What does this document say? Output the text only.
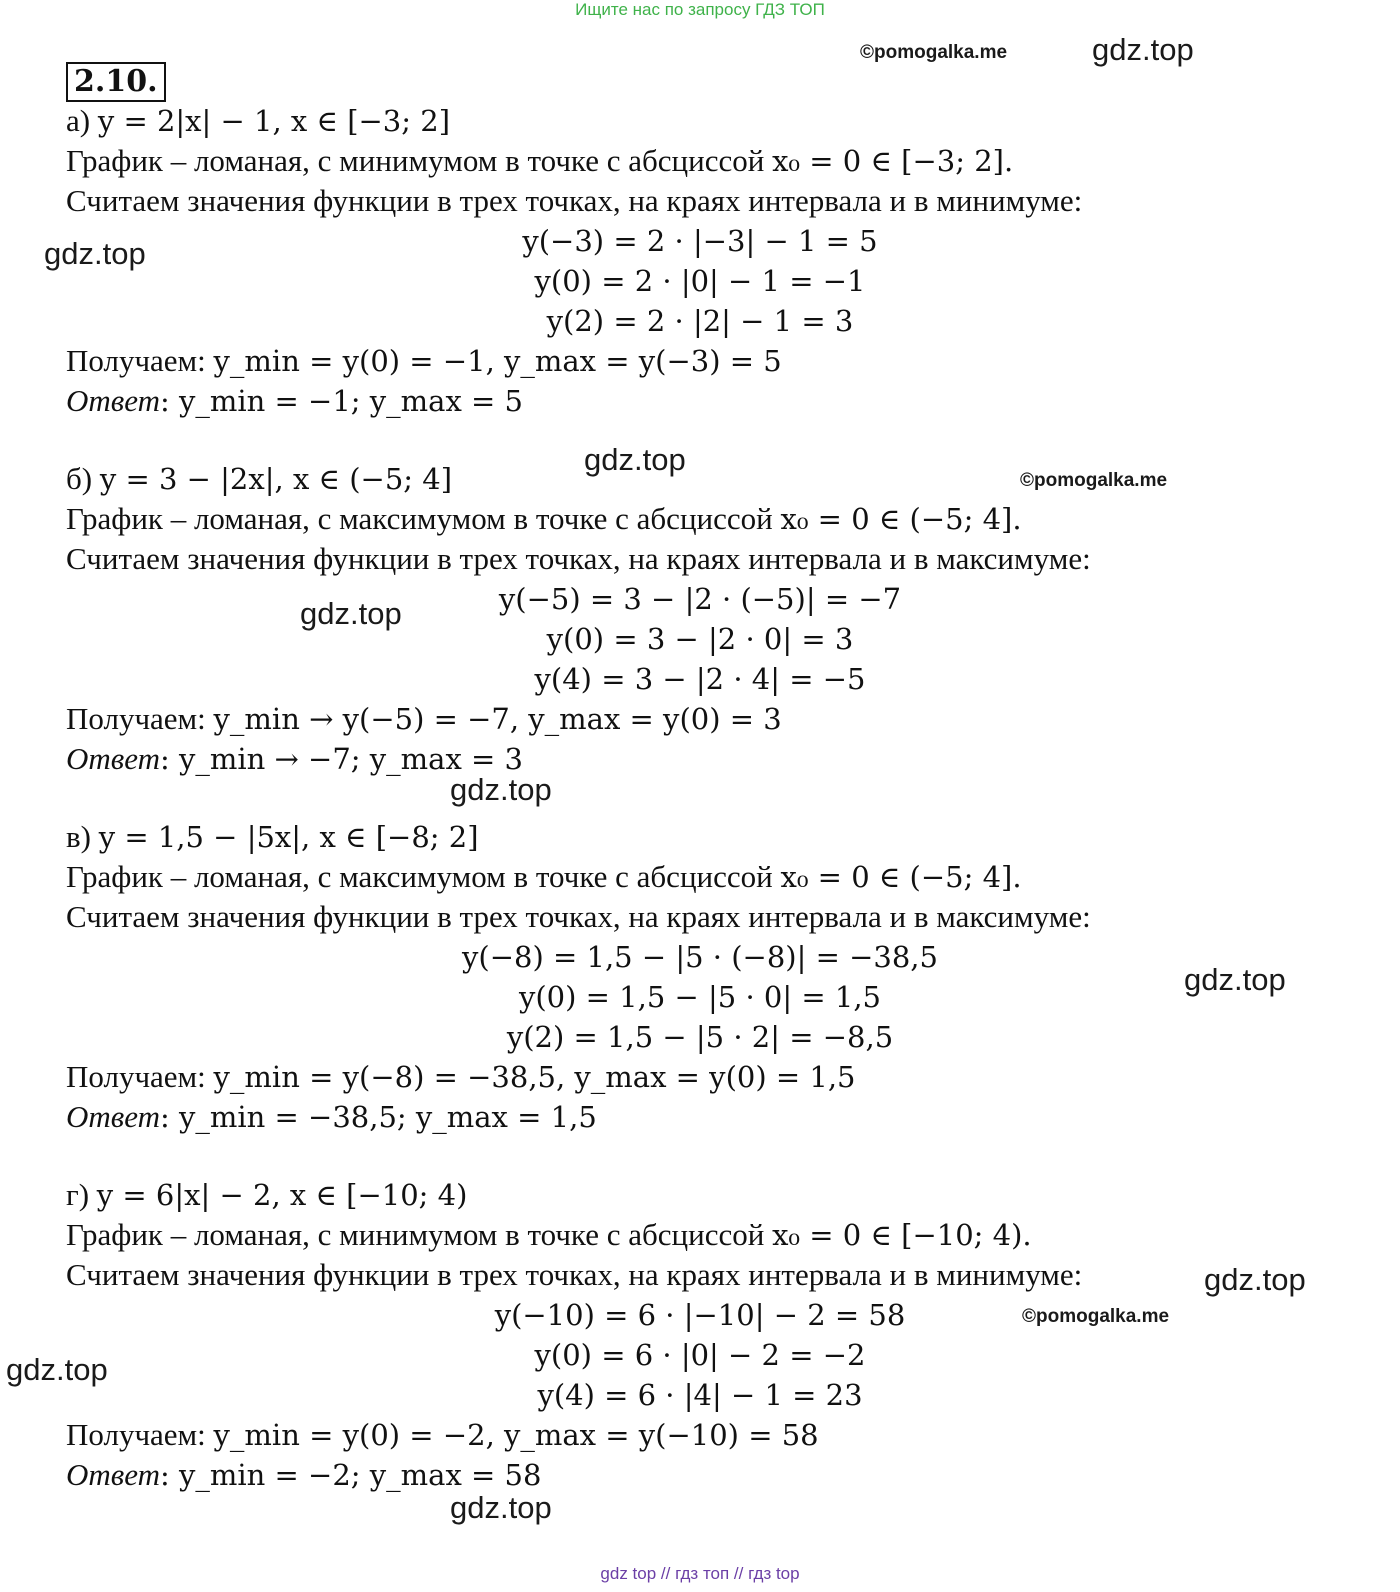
Ищите нас по запросу ГДЗ ТОП
©pomogalka.me	gdz.top
gdz.top
gdz.top
©pomogalka.me
gdz.top
gdz.top
gdz.top
gdz.top
©pomogalka.me
gdz.top
gdz.top
2.10.
а) y = 2|x| − 1, x ∈ [−3; 2]
График – ломаная, с минимумом в точке с абсциссой x₀ = 0 ∈ [−3; 2].
Считаем значения функции в трех точках, на краях интервала и в минимуме:
y(−3) = 2 · |−3| − 1 = 5
y(0) = 2 · |0| − 1 = −1
y(2) = 2 · |2| − 1 = 3
Получаем: y_min = y(0) = −1, y_max = y(−3) = 5
Ответ: y_min = −1; y_max = 5
б) y = 3 − |2x|, x ∈ (−5; 4]
График – ломаная, с максимумом в точке с абсциссой x₀ = 0 ∈ (−5; 4].
Считаем значения функции в трех точках, на краях интервала и в максимуме:
y(−5) = 3 − |2 · (−5)| = −7
y(0) = 3 − |2 · 0| = 3
y(4) = 3 − |2 · 4| = −5
Получаем: y_min → y(−5) = −7, y_max = y(0) = 3
Ответ: y_min → −7; y_max = 3
в) y = 1,5 − |5x|, x ∈ [−8; 2]
График – ломаная, с максимумом в точке с абсциссой x₀ = 0 ∈ (−5; 4].
Считаем значения функции в трех точках, на краях интервала и в максимуме:
y(−8) = 1,5 − |5 · (−8)| = −38,5
y(0) = 1,5 − |5 · 0| = 1,5
y(2) = 1,5 − |5 · 2| = −8,5
Получаем: y_min = y(−8) = −38,5, y_max = y(0) = 1,5
Ответ: y_min = −38,5; y_max = 1,5
г) y = 6|x| − 2, x ∈ [−10; 4)
График – ломаная, с минимумом в точке с абсциссой x₀ = 0 ∈ [−10; 4).
Считаем значения функции в трех точках, на краях интервала и в минимуме:
y(−10) = 6 · |−10| − 2 = 58
y(0) = 6 · |0| − 2 = −2
y(4) = 6 · |4| − 1 = 23
Получаем: y_min = y(0) = −2, y_max = y(−10) = 58
Ответ: y_min = −2; y_max = 58
gdz top // гдз топ // гдз top
